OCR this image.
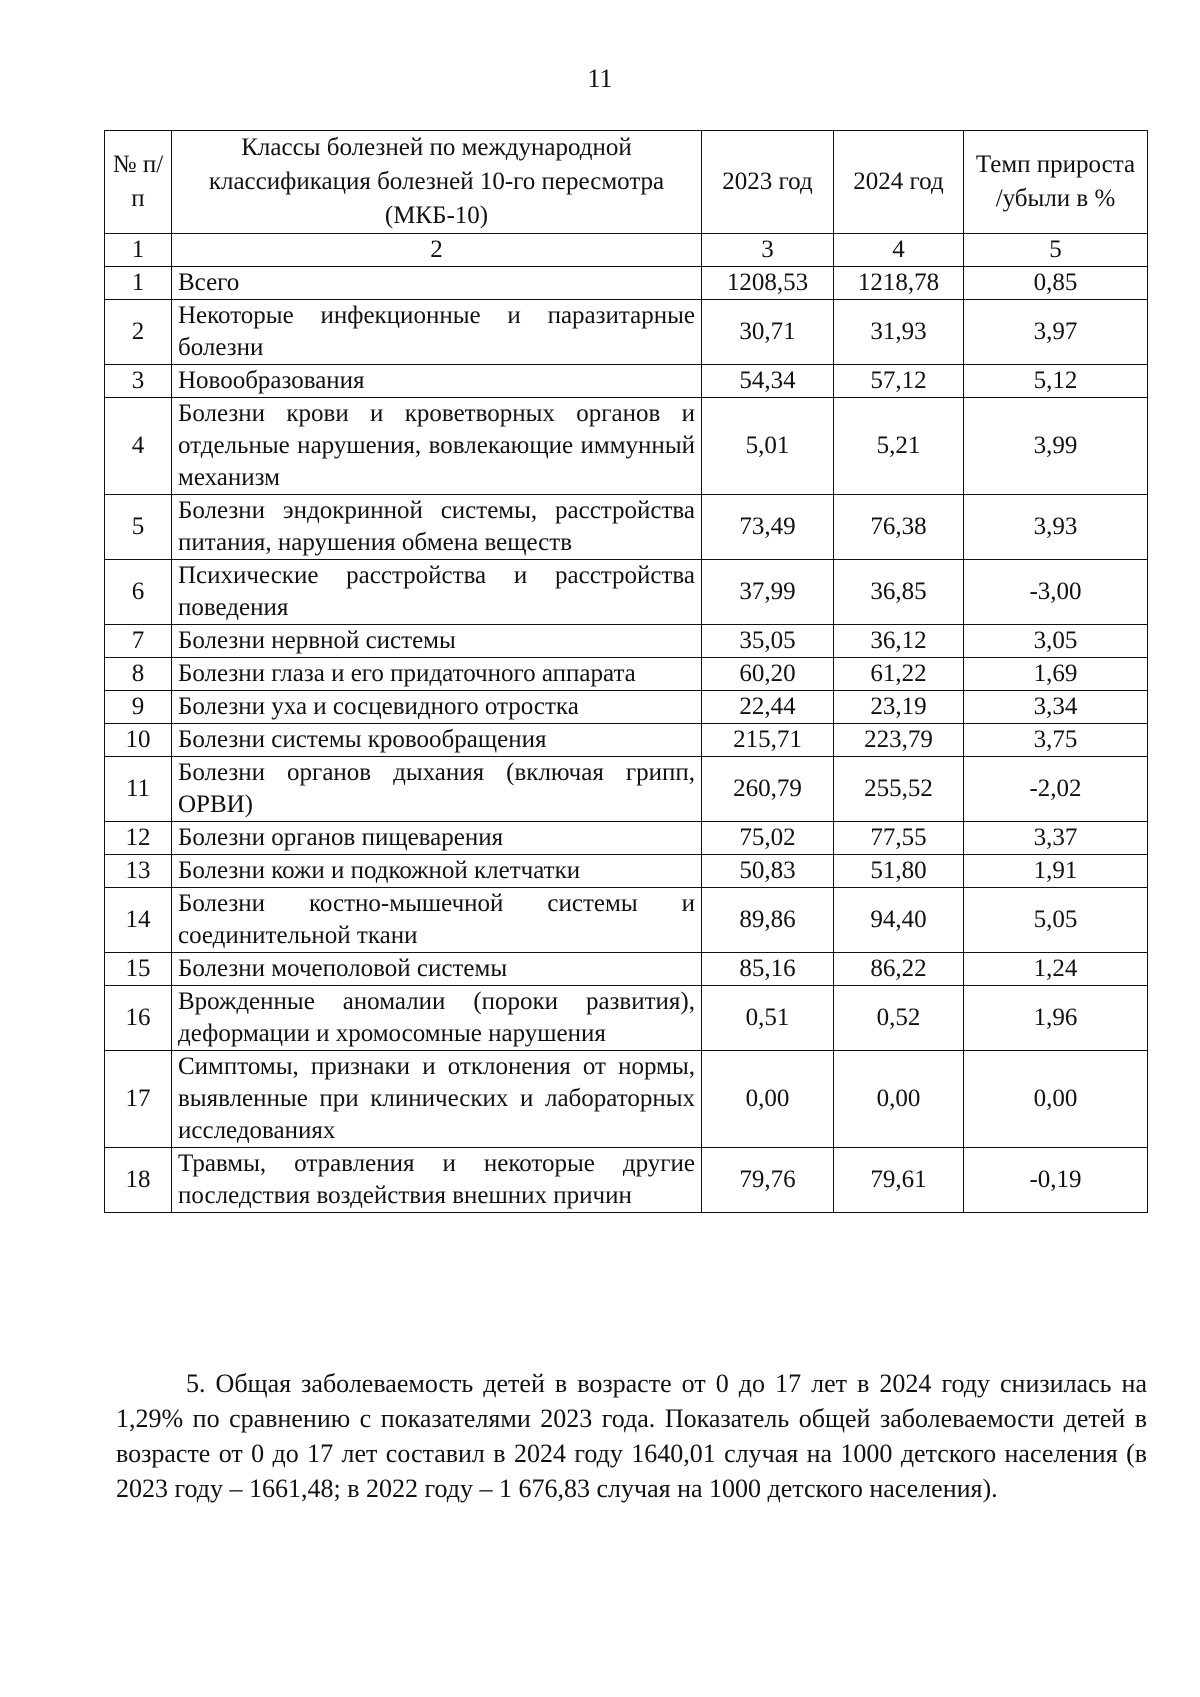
11
№ п/п	Классы болезней по международной классификация болезней 10-го пересмотра (МКБ-10)	2023 год	2024 год	Темп прироста /убыли в %
1	2	3	4	5
1	Всего	1208,53	1218,78	0,85
2	Некоторые инфекционные и паразитарные болезни	30,71	31,93	3,97
3	Новообразования	54,34	57,12	5,12
4	Болезни крови и кроветворных органов и отдельные нарушения, вовлекающие иммунный механизм	5,01	5,21	3,99
5	Болезни эндокринной системы, расстройства питания, нарушения обмена веществ	73,49	76,38	3,93
6	Психические расстройства и расстройства поведения	37,99	36,85	-3,00
7	Болезни нервной системы	35,05	36,12	3,05
8	Болезни глаза и его придаточного аппарата	60,20	61,22	1,69
9	Болезни уха и сосцевидного отростка	22,44	23,19	3,34
10	Болезни системы кровообращения	215,71	223,79	3,75
11	Болезни органов дыхания (включая грипп, ОРВИ)	260,79	255,52	-2,02
12	Болезни органов пищеварения	75,02	77,55	3,37
13	Болезни кожи и подкожной клетчатки	50,83	51,80	1,91
14	Болезни костно-мышечной системы и соединительной ткани	89,86	94,40	5,05
15	Болезни мочеполовой системы	85,16	86,22	1,24
16	Врожденные аномалии (пороки развития), деформации и хромосомные нарушения	0,51	0,52	1,96
17	Симптомы, признаки и отклонения от нормы, выявленные при клинических и лабораторных исследованиях	0,00	0,00	0,00
18	Травмы, отравления и некоторые другие последствия воздействия внешних причин	79,76	79,61	-0,19

5. Общая заболеваемость детей в возрасте от 0 до 17 лет в 2024 году снизилась на 1,29% по сравнению с показателями 2023 года. Показатель общей заболеваемости детей в возрасте от 0 до 17 лет составил в 2024 году 1640,01 случая на 1000 детского населения (в 2023 году – 1661,48; в 2022 году – 1 676,83 случая на 1000 детского населения).
